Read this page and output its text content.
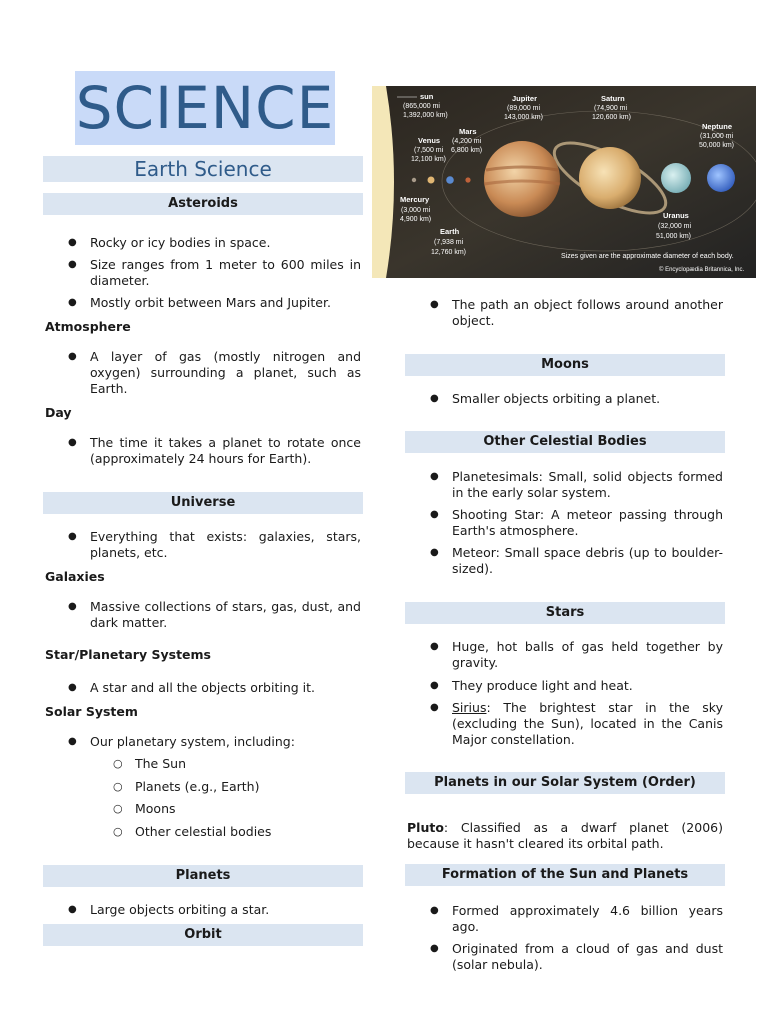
SCIENCE
Earth Science
Asteroids
● Rocky or icy bodies in space.
● Size ranges from 1 meter to 600 miles in diameter.
● Mostly orbit between Mars and Jupiter.
Atmosphere
● A layer of gas (mostly nitrogen and oxygen) surrounding a planet, such as Earth.
Day
● The time it takes a planet to rotate once (approximately 24 hours for Earth).
Universe
● Everything that exists: galaxies, stars, planets, etc.
Galaxies
● Massive collections of stars, gas, dust, and dark matter.
Star/Planetary Systems
● A star and all the objects orbiting it.
Solar System
● Our planetary system, including:
○ The Sun
○ Planets (e.g., Earth)
○ Moons
○ Other celestial bodies
Planets
● Large objects orbiting a star.
Orbit
sun
(865,000 mi
1,392,000 km)
Venus
(7,500 mi
12,100 km)
Mars
(4,200 mi
6,800 km)
Mercury
(3,000 mi
4,900 km)
Earth
(7,938 mi
12,760 km)
Jupiter
(89,000 mi
143,000 km)
Saturn
(74,900 mi
120,600 km)
Neptune
(31,000 mi
50,000 km)
Uranus
(32,000 mi
51,000 km)
Sizes given are the approximate diameter of each body.
© Encyclopædia Britannica, Inc.
● The path an object follows around another object.
Moons
● Smaller objects orbiting a planet.
Other Celestial Bodies
● Planetesimals: Small, solid objects formed in the early solar system.
● Shooting Star: A meteor passing through Earth's atmosphere.
● Meteor: Small space debris (up to boulder-sized).
Stars
● Huge, hot balls of gas held together by gravity.
● They produce light and heat.
● Sirius: The brightest star in the sky (excluding the Sun), located in the Canis Major constellation.
Planets in our Solar System (Order)
Pluto: Classified as a dwarf planet (2006) because it hasn't cleared its orbital path.
Formation of the Sun and Planets
● Formed approximately 4.6 billion years ago.
● Originated from a cloud of gas and dust (solar nebula).
